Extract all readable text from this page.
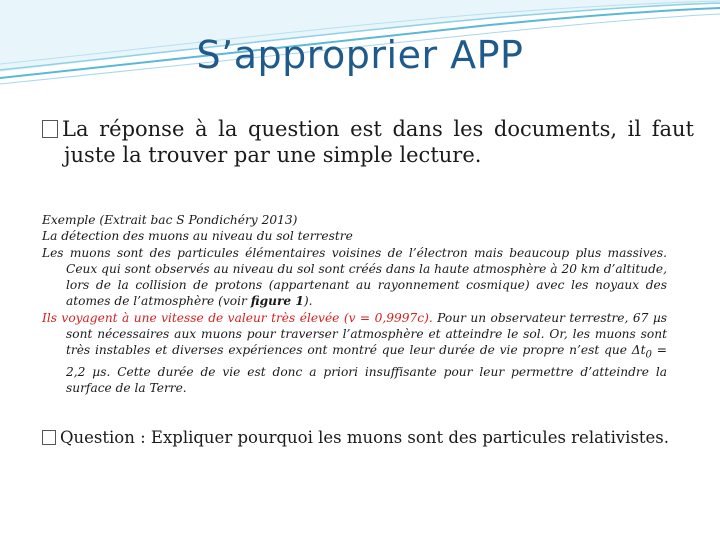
S’approprier APP
La réponse à la question est dans les documents, il faut juste la trouver par une simple lecture.

Exemple (Extrait bac S Pondichéry 2013)

La détection des muons au niveau du sol terrestre

Les muons sont des particules élémentaires voisines de l’électron mais beaucoup plus massives. Ceux qui sont observés au niveau du sol sont créés dans la haute atmosphère à 20 km d’altitude, lors de la collision de protons (appartenant au rayonnement cosmique) avec les noyaux des atomes de l’atmosphère (voir figure 1).

Ils voyagent à une vitesse de valeur très élevée (v = 0,9997c). Pour un observateur terrestre, 67 µs sont nécessaires aux muons pour traverser l’atmosphère et atteindre le sol. Or, les muons sont très instables et diverses expériences ont montré que leur durée de vie propre n’est que $\Delta t_0 = 2,2$ µs. Cette durée de vie est donc a priori insuffisante pour leur permettre d’atteindre la surface de la Terre.

Question : Expliquer pourquoi les muons sont des particules relativistes.
